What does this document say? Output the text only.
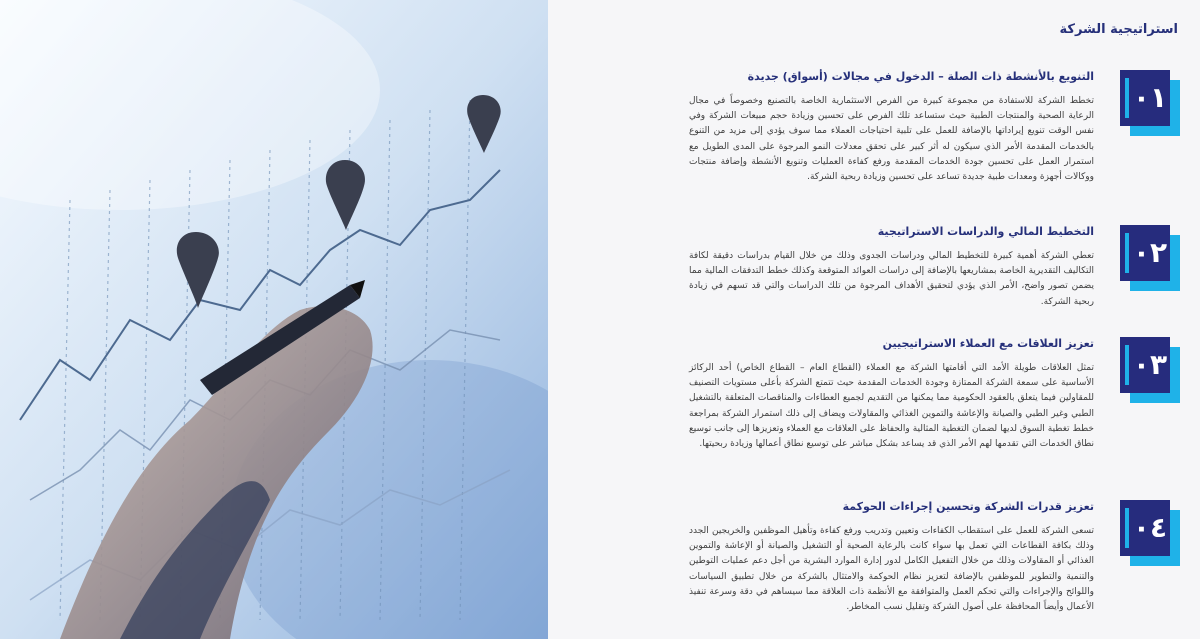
استراتيجية الشركة
٠١
التنويع بالأنشطة ذات الصلة – الدخول في مجالات (أسواق) جديدة

تخطط الشركة للاستفادة من مجموعة كبيرة من الفرص الاستثمارية الخاصة بالتصنيع وخصوصاً في مجال الرعاية الصحية والمنتجات الطبية حيث ستساعد تلك الفرص على تحسين وزيادة حجم مبيعات الشركة وفي نفس الوقت تنويع إيراداتها بالإضافة للعمل على تلبية احتياجات العملاء مما سوف يؤدي إلى مزيد من التنوع بالخدمات المقدمة الأمر الذي سيكون له أثر كبير على تحقق معدلات النمو المرجوة على المدى الطويل مع استمرار العمل على تحسين جودة الخدمات المقدمة ورفع كفاءة العمليات وتنويع الأنشطة وإضافة منتجات ووكالات أجهزة ومعدات طبية جديدة تساعد على تحسين وزيادة ربحية الشركة.

٠٢
التخطيط المالي والدراسات الاستراتيجية

تعطي الشركة أهمية كبيرة للتخطيط المالي ودراسات الجدوى وذلك من خلال القيام بدراسات دقيقة لكافة التكاليف التقديرية الخاصة بمشاريعها بالإضافة إلى دراسات العوائد المتوقعة وكذلك خطط التدفقات المالية مما يضمن تصور واضح، الأمر الذي يؤدي لتحقيق الأهداف المرجوة من تلك الدراسات والتي قد تسهم في زيادة ربحية الشركة.

٠٣
تعزيز العلاقات مع العملاء الاستراتيجيين

تمثل العلاقات طويلة الأمد التي أقامتها الشركة مع العملاء (القطاع العام – القطاع الخاص) أحد الركائز الأساسية على سمعة الشركة الممتازة وجودة الخدمات المقدمة حيث تتمتع الشركة بأعلى مستويات التصنيف للمقاولين فيما يتعلق بالعقود الحكومية مما يمكنها من التقديم لجميع العطاءات والمناقصات المتعلقة بالتشغيل الطبي وغير الطبي والصيانة والإعاشة والتموين الغذائي والمقاولات ويضاف إلى ذلك استمرار الشركة بمراجعة خطط تغطية السوق لديها لضمان التغطية المثالية والحفاظ على العلاقات مع العملاء وتعزيزها إلى جانب توسيع نطاق الخدمات التي تقدمها لهم الأمر الذي قد يساعد بشكل مباشر على توسيع نطاق أعمالها وزيادة ربحيتها.

٠٤
تعزيز قدرات الشركة وتحسين إجراءات الحوكمة

تسعى الشركة للعمل على استقطاب الكفاءات وتعيين وتدريب ورفع كفاءة وتأهيل الموظفين والخريجين الجدد وذلك بكافة القطاعات التي تعمل بها سواء كانت بالرعاية الصحية أو التشغيل والصيانة أو الإعاشة والتموين الغذائي أو المقاولات وذلك من خلال التفعيل الكامل لدور إدارة الموارد البشرية من أجل دعم عمليات التوطين والتنمية والتطوير للموظفين بالإضافة لتعزيز نظام الحوكمة والامتثال بالشركة من خلال تطبيق السياسات واللوائح والإجراءات والتي تحكم العمل والمتوافقة مع الأنظمة ذات العلاقة مما سيساهم في دقة وسرعة تنفيذ الأعمال وأيضاً المحافظة على أصول الشركة وتقليل نسب المخاطر.
